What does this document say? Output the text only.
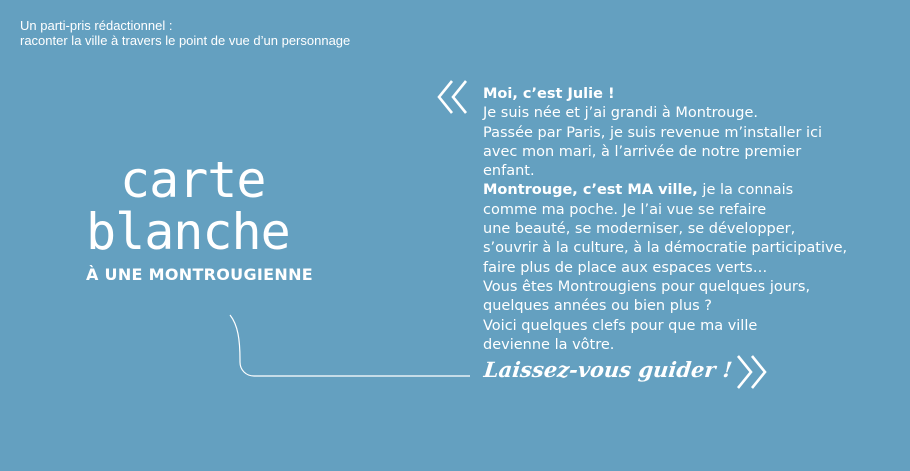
Un parti-pris rédactionnel :
raconter la ville à travers le point de vue d’un personnage
carte
blanche
À UNE MONTROUGIENNE

Moi, c’est Julie !

Je suis née et j’ai grandi à Montrouge.

Passée par Paris, je suis revenue m’installer ici

avec mon mari, à l’arrivée de notre premier

enfant.

Montrouge, c’est MA ville, je la connais

comme ma poche. Je l’ai vue se refaire

une beauté, se moderniser, se développer,

s’ouvrir à la culture, à la démocratie participative,

faire plus de place aux espaces verts…

Vous êtes Montrougiens pour quelques jours,

quelques années ou bien plus ?

Voici quelques clefs pour que ma ville

devienne la vôtre.

Laissez-vous guider !
